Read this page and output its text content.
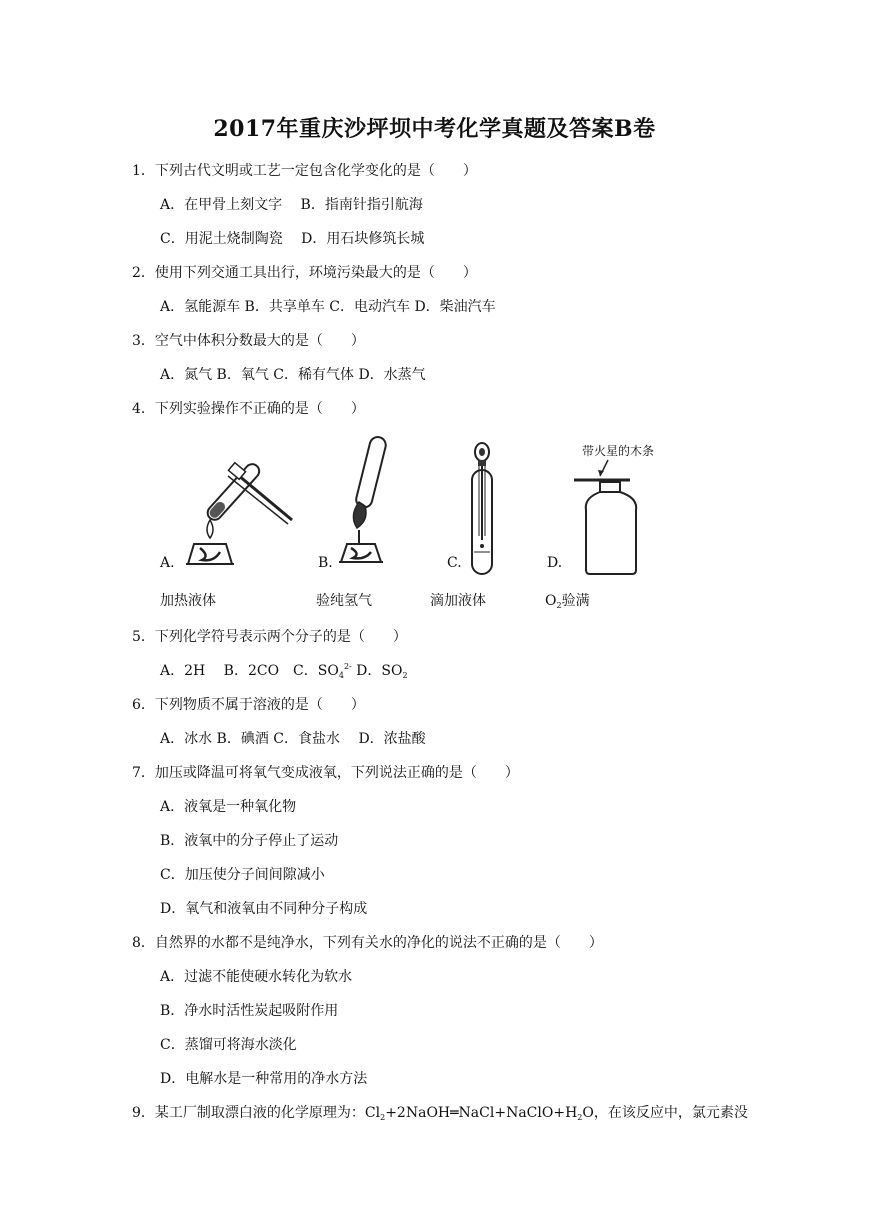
2017年重庆沙坪坝中考化学真题及答案B卷
1．下列古代文明或工艺一定包含化学变化的是（　　）
A．在甲骨上刻文字　 B．指南针指引航海
C．用泥土烧制陶瓷　 D．用石块修筑长城
2．使用下列交通工具出行，环境污染最大的是（　　）
A．氢能源车 B．共享单车 C．电动汽车 D．柴油汽车
3．空气中体积分数最大的是（　　）
A．氮气 B．氧气 C．稀有气体 D．水蒸气
4．下列实验操作不正确的是（　　）
A.	B.	C.
带火星的木条
D.
加热液体	验纯氢气	滴加液体	$O_2$验满
5．下列化学符号表示两个分子的是（　　）
A．2H　 B．2CO　C．$SO_4^{2-}$ D．$SO_2$
6．下列物质不属于溶液的是（　　）
A．冰水 B．碘酒 C．食盐水　 D．浓盐酸
7．加压或降温可将氧气变成液氧，下列说法正确的是（　　）
A．液氧是一种氧化物
B．液氧中的分子停止了运动
C．加压使分子间间隙减小
D．氧气和液氧由不同种分子构成
8．自然界的水都不是纯净水，下列有关水的净化的说法不正确的是（　　）
A．过滤不能使硬水转化为软水
B．净水时活性炭起吸附作用
C．蒸馏可将海水淡化
D．电解水是一种常用的净水方法
9．某工厂制取漂白液的化学原理为：$Cl_2+2NaOH═NaCl+NaClO+H_2O$，在该反应中，氯元素没
